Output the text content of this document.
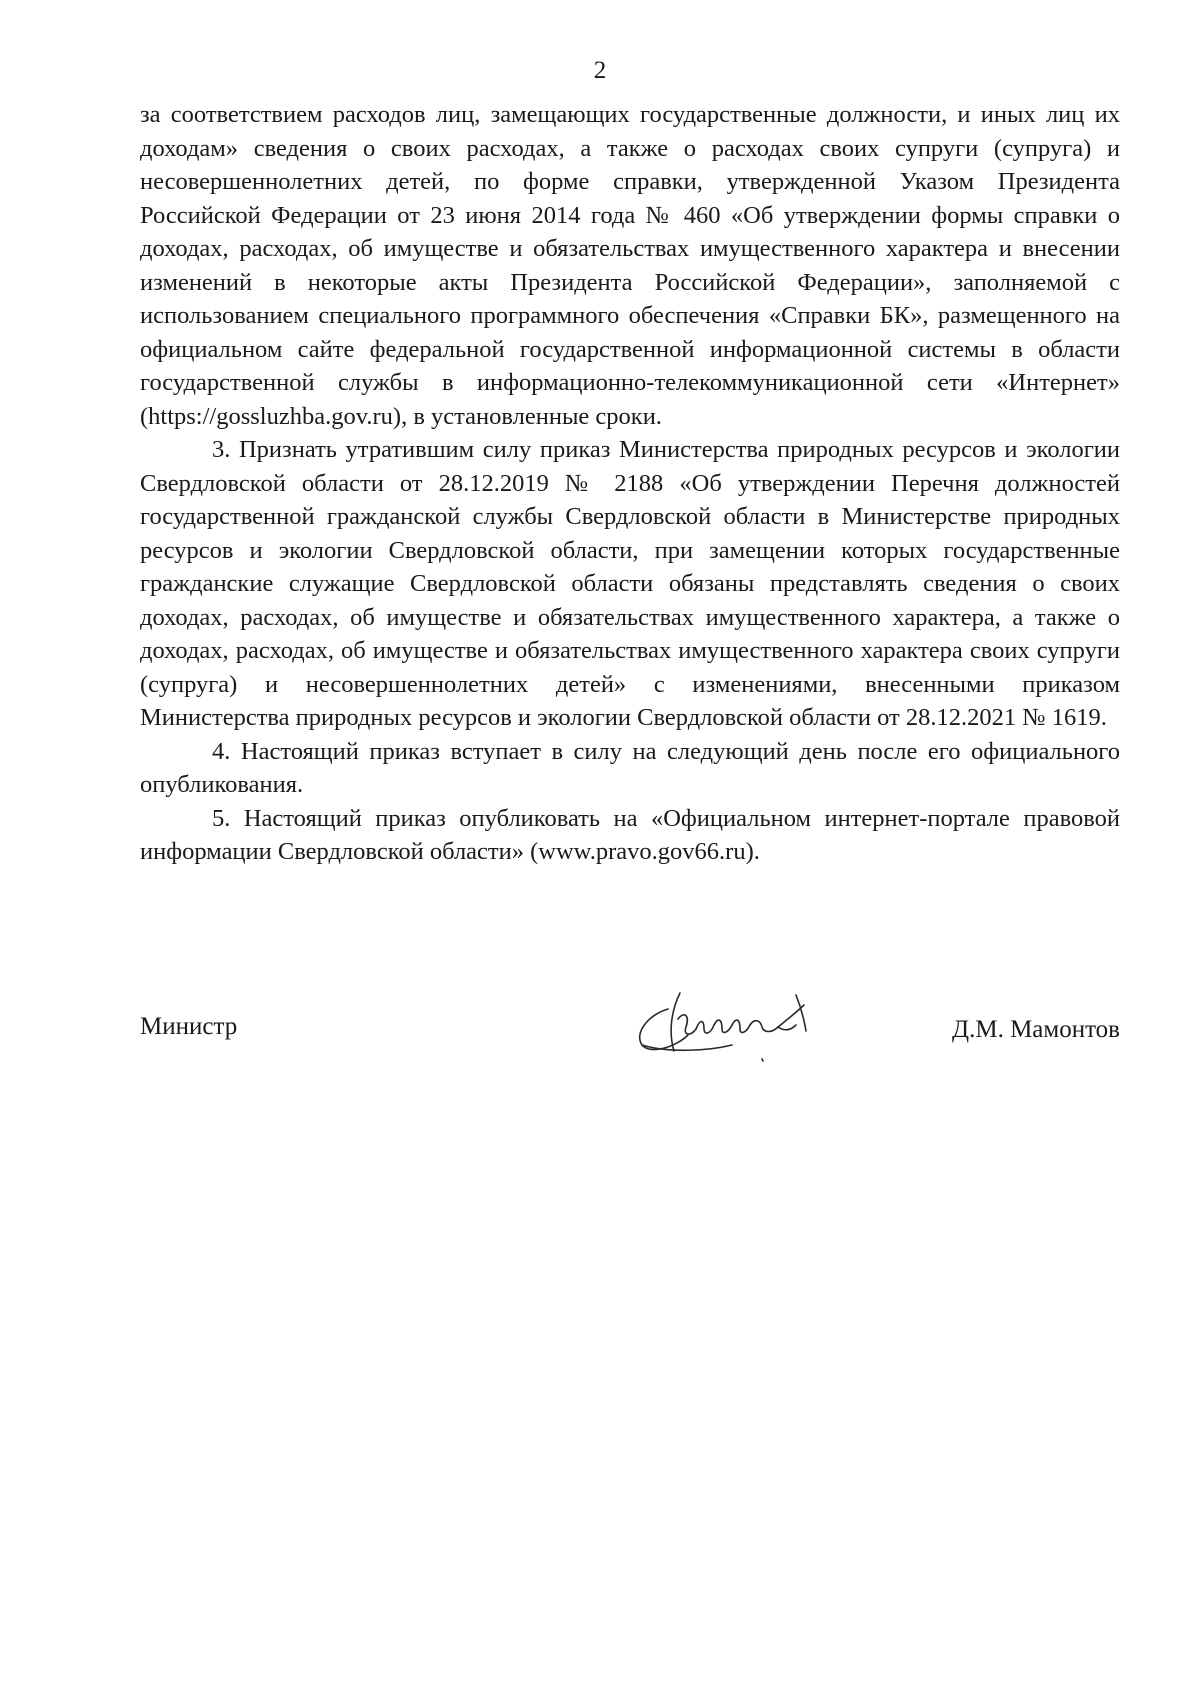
2

за соответствием расходов лиц, замещающих государственные должности, и иных лиц их доходам» сведения о своих расходах, а также о расходах своих супруги (супруга) и несовершеннолетних детей, по форме справки, утвержденной Указом Президента Российской Федерации от 23 июня 2014 года № 460 «Об утверждении формы справки о доходах, расходах, об имуществе и обязательствах имущественного характера и внесении изменений в некоторые акты Президента Российской Федерации», заполняемой с использованием специального программного обеспечения «Справки БК», размещенного на официальном сайте федеральной государственной информационной системы в области государственной службы в информационно-телекоммуникационной сети «Интернет» (https://gossluzhba.gov.ru), в установленные сроки.

3. Признать утратившим силу приказ Министерства природных ресурсов и экологии Свердловской области от 28.12.2019 № 2188 «Об утверждении Перечня должностей государственной гражданской службы Свердловской области в Министерстве природных ресурсов и экологии Свердловской области, при замещении которых государственные гражданские служащие Свердловской области обязаны представлять сведения о своих доходах, расходах, об имуществе и обязательствах имущественного характера, а также о доходах, расходах, об имуществе и обязательствах имущественного характера своих супруги (супруга) и несовершеннолетних детей» с изменениями, внесенными приказом Министерства природных ресурсов и экологии Свердловской области от 28.12.2021 № 1619.

4. Настоящий приказ вступает в силу на следующий день после его официального опубликования.

5. Настоящий приказ опубликовать на «Официальном интернет-портале правовой информации Свердловской области» (www.pravo.gov66.ru).

Министр	Д.М. Мамонтов
